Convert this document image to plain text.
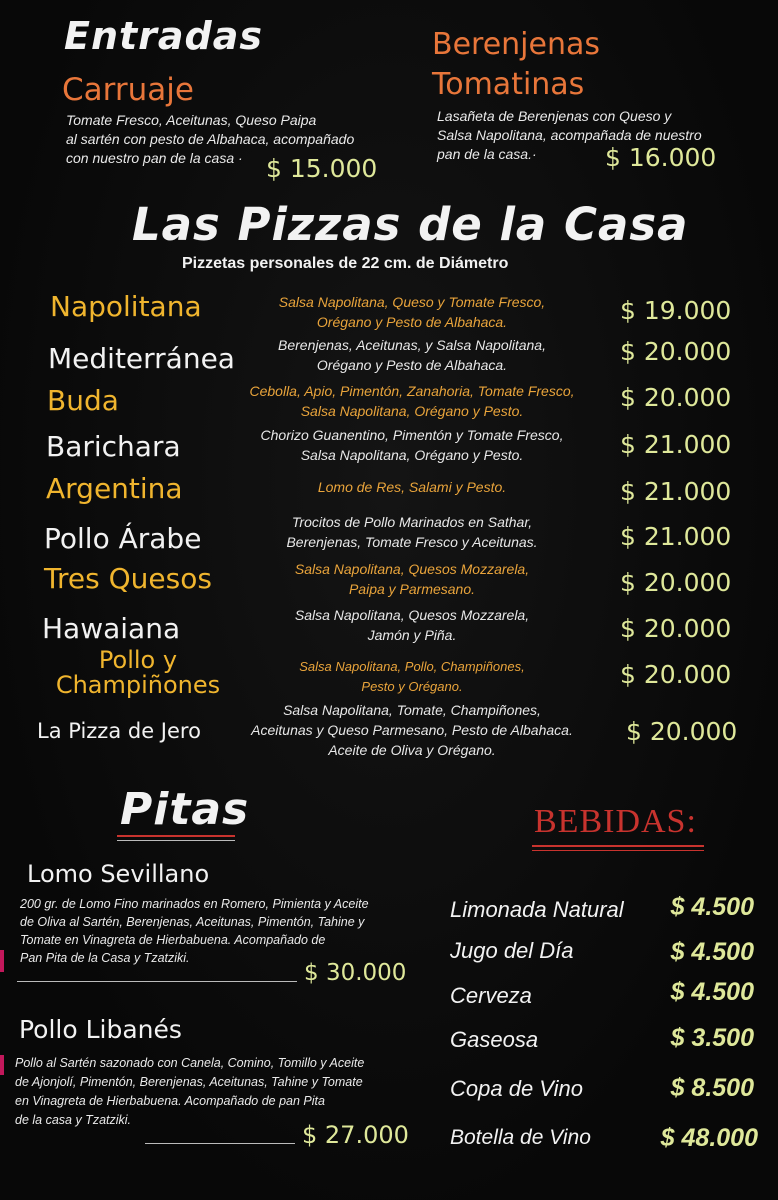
Entradas
Carruaje
Tomate Fresco, Aceitunas, Queso Paipa
al sartén con pesto de Albahaca, acompañado
con nuestro pan de la casa · $ 15.000
Berenjenas
Tomatinas
Lasañeta de Berenjenas con Queso y
Salsa Napolitana, acompañada de nuestro
pan de la casa.·	$ 16.000
Las Pizzas de la Casa
Pizzetas personales de 22 cm. de Diámetro
Napolitana	Salsa Napolitana, Queso y Tomate Fresco,
Orégano y Pesto de Albahaca.	$ 19.000
Mediterránea	Berenjenas, Aceitunas, y Salsa Napolitana,
Orégano y Pesto de Albahaca.	$ 20.000
Buda	Cebolla, Apio, Pimentón, Zanahoria, Tomate Fresco,
Salsa Napolitana, Orégano y Pesto.	$ 20.000
Barichara	Chorizo Guanentino, Pimentón y Tomate Fresco,
Salsa Napolitana, Orégano y Pesto.	$ 21.000
Argentina	Lomo de Res, Salami y Pesto.	$ 21.000
Pollo Árabe	Trocitos de Pollo Marinados en Sathar,
Berenjenas, Tomate Fresco y Aceitunas.	$ 21.000
Tres Quesos	Salsa Napolitana, Quesos Mozzarela,
Paipa y Parmesano.	$ 20.000
Hawaiana	Salsa Napolitana, Quesos Mozzarela,
Jamón y Piña.	$ 20.000
Pollo y
Champiñones
Salsa Napolitana, Pollo, Champiñones,
Pesto y Orégano.	$ 20.000
La Pizza de Jero
Salsa Napolitana, Tomate, Champiñones,
Aceitunas y Queso Parmesano, Pesto de Albahaca.
Aceite de Oliva y Orégano.
$ 20.000
Pitas
Lomo Sevillano
200 gr. de Lomo Fino marinados en Romero, Pimienta y Aceite
de Oliva al Sartén, Berenjenas, Aceitunas, Pimentón, Tahine y
Tomate en Vinagreta de Hierbabuena. Acompañado de
Pan Pita de la Casa y Tzatziki.
$ 30.000
Pollo Libanés
Pollo al Sartén sazonado con Canela, Comino, Tomillo y Aceite
de Ajonjolí, Pimentón, Berenjenas, Aceitunas, Tahine y Tomate
en Vinagreta de Hierbabuena. Acompañado de pan Pita
de la casa y Tzatziki.
$ 27.000
BEBIDAS:
Limonada Natural $ 4.500
Jugo del Día	$ 4.500
Cerveza	$ 4.500
Gaseosa	$ 3.500
Copa de Vino	$ 8.500
Botella de Vino	$ 48.000
